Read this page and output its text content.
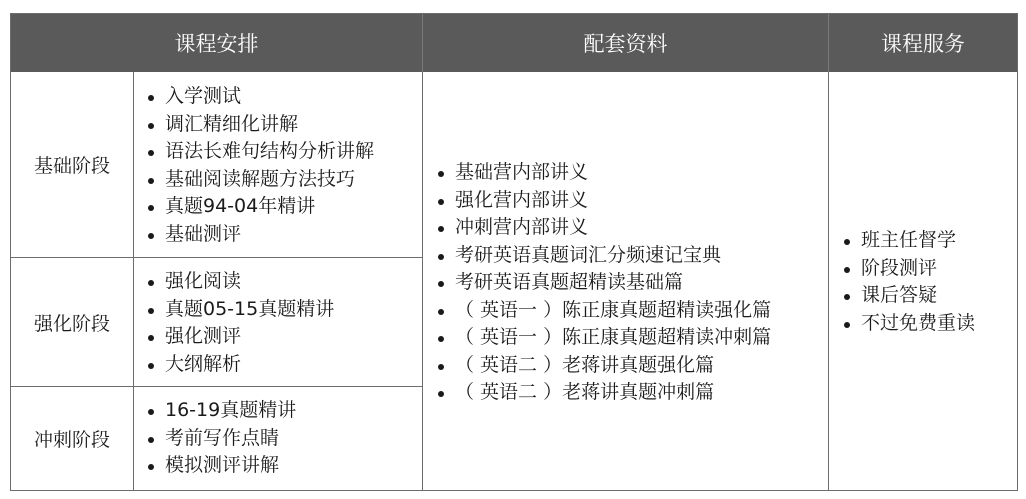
课程安排	配套资料	课程服务
基础阶段
入学测试
调汇精细化讲解
语法长难句结构分析讲解
基础阅读解题方法技巧
真题94-04年精讲
基础测评
强化阶段
强化阅读
真题05-15真题精讲
强化测评
大纲解析
冲刺阶段
16-19真题精讲
考前写作点睛
模拟测评讲解
基础营内部讲义
强化营内部讲义
冲刺营内部讲义
考研英语真题词汇分频速记宝典
考研英语真题超精读基础篇
（ 英语一 ）陈正康真题超精读强化篇
（ 英语一 ）陈正康真题超精读冲刺篇
（ 英语二 ）老蒋讲真题强化篇
（ 英语二 ）老蒋讲真题冲刺篇
班主任督学
阶段测评
课后答疑
不过免费重读
